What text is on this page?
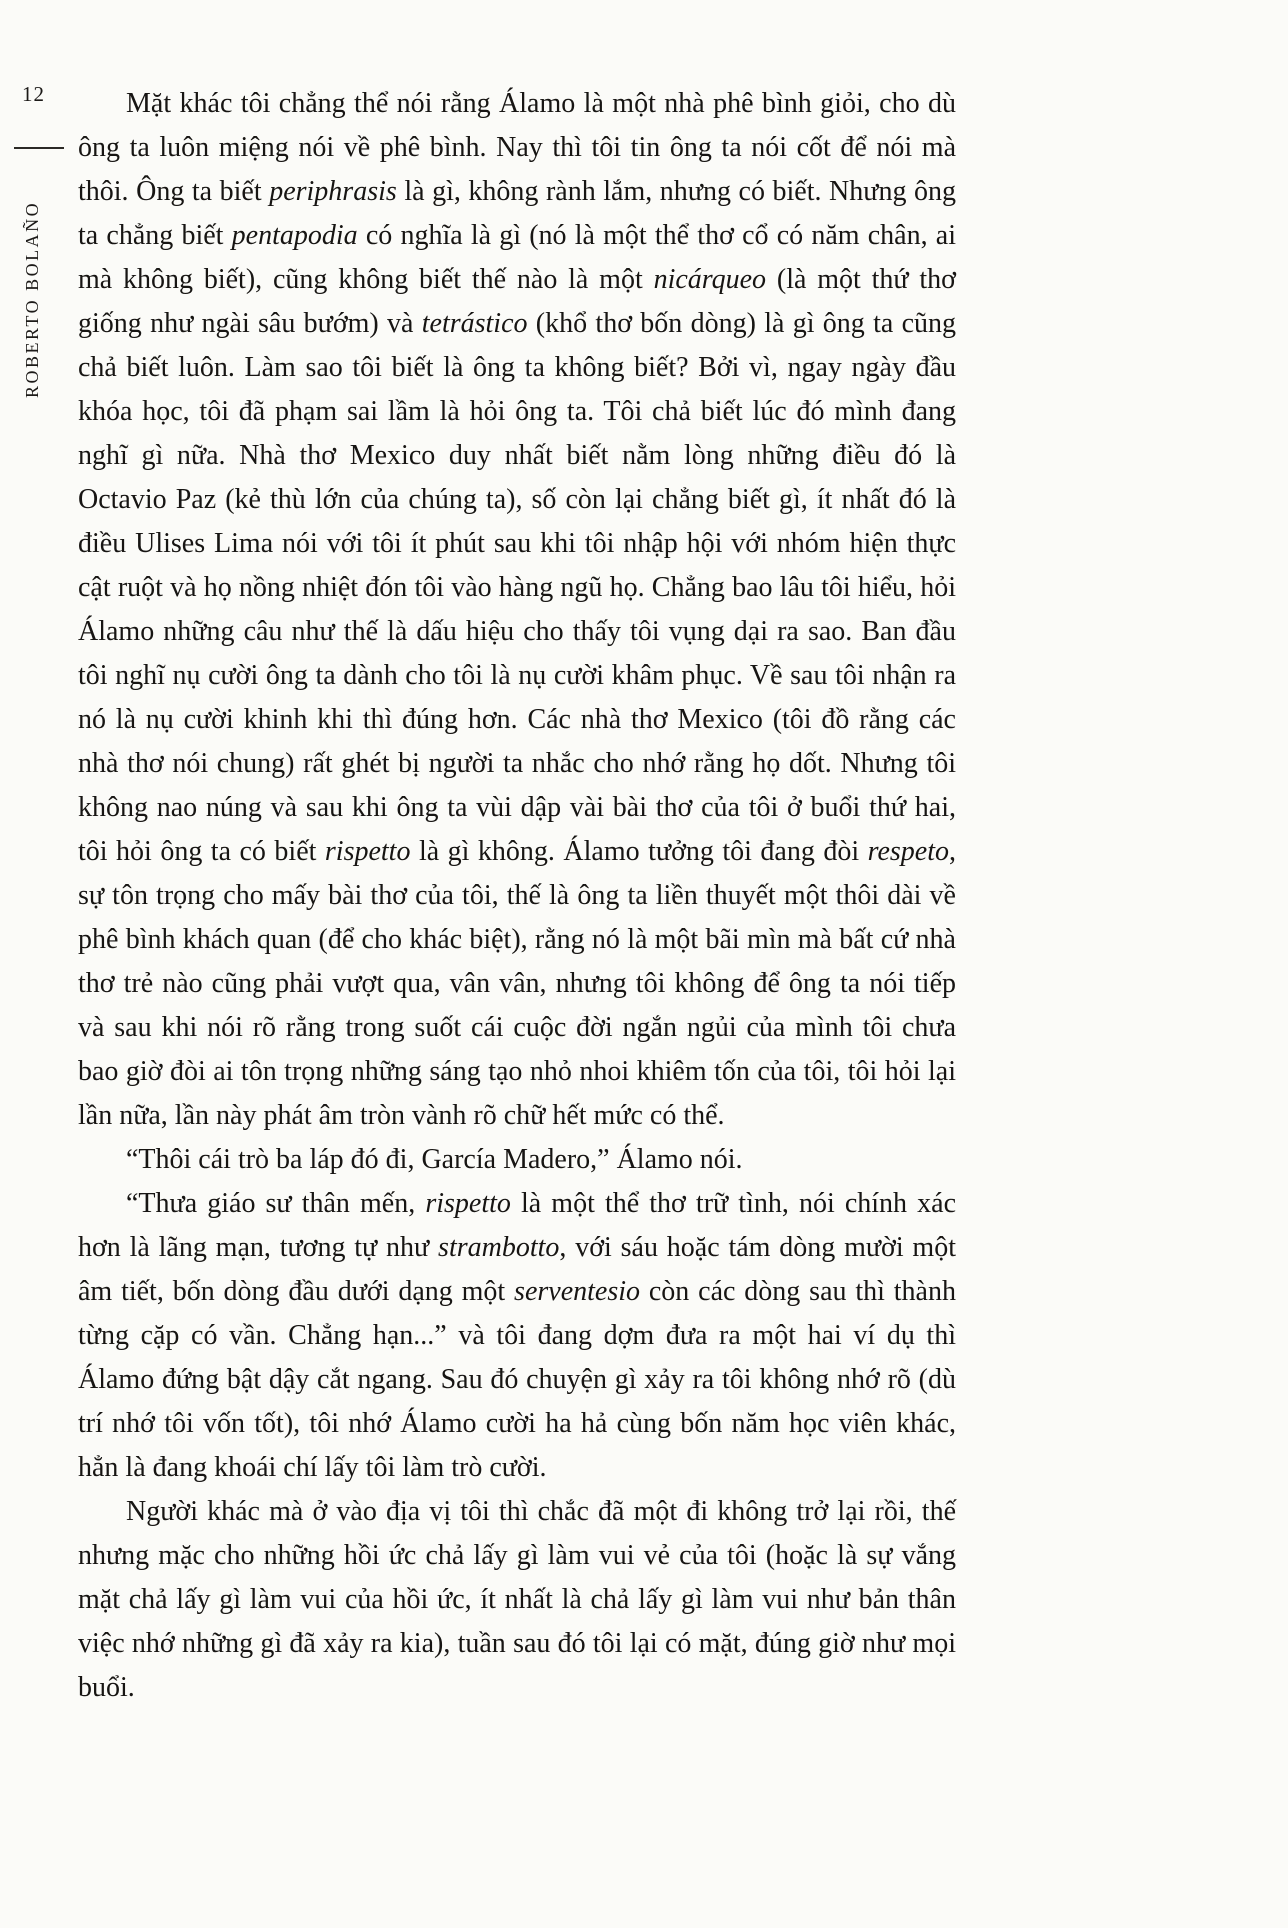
12
ROBERTO BOLAÑO

Mặt khác tôi chẳng thể nói rằng Álamo là một nhà phê bình giỏi, cho dù ông ta luôn miệng nói về phê bình. Nay thì tôi tin ông ta nói cốt để nói mà thôi. Ông ta biết periphrasis là gì, không rành lắm, nhưng có biết. Nhưng ông ta chẳng biết pentapodia có nghĩa là gì (nó là một thể thơ cổ có năm chân, ai mà không biết), cũng không biết thế nào là một nicárqueo (là một thứ thơ giống như ngài sâu bướm) và tetrástico (khổ thơ bốn dòng) là gì ông ta cũng chả biết luôn. Làm sao tôi biết là ông ta không biết? Bởi vì, ngay ngày đầu khóa học, tôi đã phạm sai lầm là hỏi ông ta. Tôi chả biết lúc đó mình đang nghĩ gì nữa. Nhà thơ Mexico duy nhất biết nằm lòng những điều đó là Octavio Paz (kẻ thù lớn của chúng ta), số còn lại chẳng biết gì, ít nhất đó là điều Ulises Lima nói với tôi ít phút sau khi tôi nhập hội với nhóm hiện thực cật ruột và họ nồng nhiệt đón tôi vào hàng ngũ họ. Chẳng bao lâu tôi hiểu, hỏi Álamo những câu như thế là dấu hiệu cho thấy tôi vụng dại ra sao. Ban đầu tôi nghĩ nụ cười ông ta dành cho tôi là nụ cười khâm phục. Về sau tôi nhận ra nó là nụ cười khinh khi thì đúng hơn. Các nhà thơ Mexico (tôi đồ rằng các nhà thơ nói chung) rất ghét bị người ta nhắc cho nhớ rằng họ dốt. Nhưng tôi không nao núng và sau khi ông ta vùi dập vài bài thơ của tôi ở buổi thứ hai, tôi hỏi ông ta có biết rispetto là gì không. Álamo tưởng tôi đang đòi respeto, sự tôn trọng cho mấy bài thơ của tôi, thế là ông ta liền thuyết một thôi dài về phê bình khách quan (để cho khác biệt), rằng nó là một bãi mìn mà bất cứ nhà thơ trẻ nào cũng phải vượt qua, vân vân, nhưng tôi không để ông ta nói tiếp và sau khi nói rõ rằng trong suốt cái cuộc đời ngắn ngủi của mình tôi chưa bao giờ đòi ai tôn trọng những sáng tạo nhỏ nhoi khiêm tốn của tôi, tôi hỏi lại lần nữa, lần này phát âm tròn vành rõ chữ hết mức có thể.

“Thôi cái trò ba láp đó đi, García Madero,” Álamo nói.

“Thưa giáo sư thân mến, rispetto là một thể thơ trữ tình, nói chính xác hơn là lãng mạn, tương tự như strambotto, với sáu hoặc tám dòng mười một âm tiết, bốn dòng đầu dưới dạng một serventesio còn các dòng sau thì thành từng cặp có vần. Chẳng hạn...” và tôi đang dợm đưa ra một hai ví dụ thì Álamo đứng bật dậy cắt ngang. Sau đó chuyện gì xảy ra tôi không nhớ rõ (dù trí nhớ tôi vốn tốt), tôi nhớ Álamo cười ha hả cùng bốn năm học viên khác, hẳn là đang khoái chí lấy tôi làm trò cười.

Người khác mà ở vào địa vị tôi thì chắc đã một đi không trở lại rồi, thế nhưng mặc cho những hồi ức chả lấy gì làm vui vẻ của tôi (hoặc là sự vắng mặt chả lấy gì làm vui của hồi ức, ít nhất là chả lấy gì làm vui như bản thân việc nhớ những gì đã xảy ra kia), tuần sau đó tôi lại có mặt, đúng giờ như mọi buổi.
